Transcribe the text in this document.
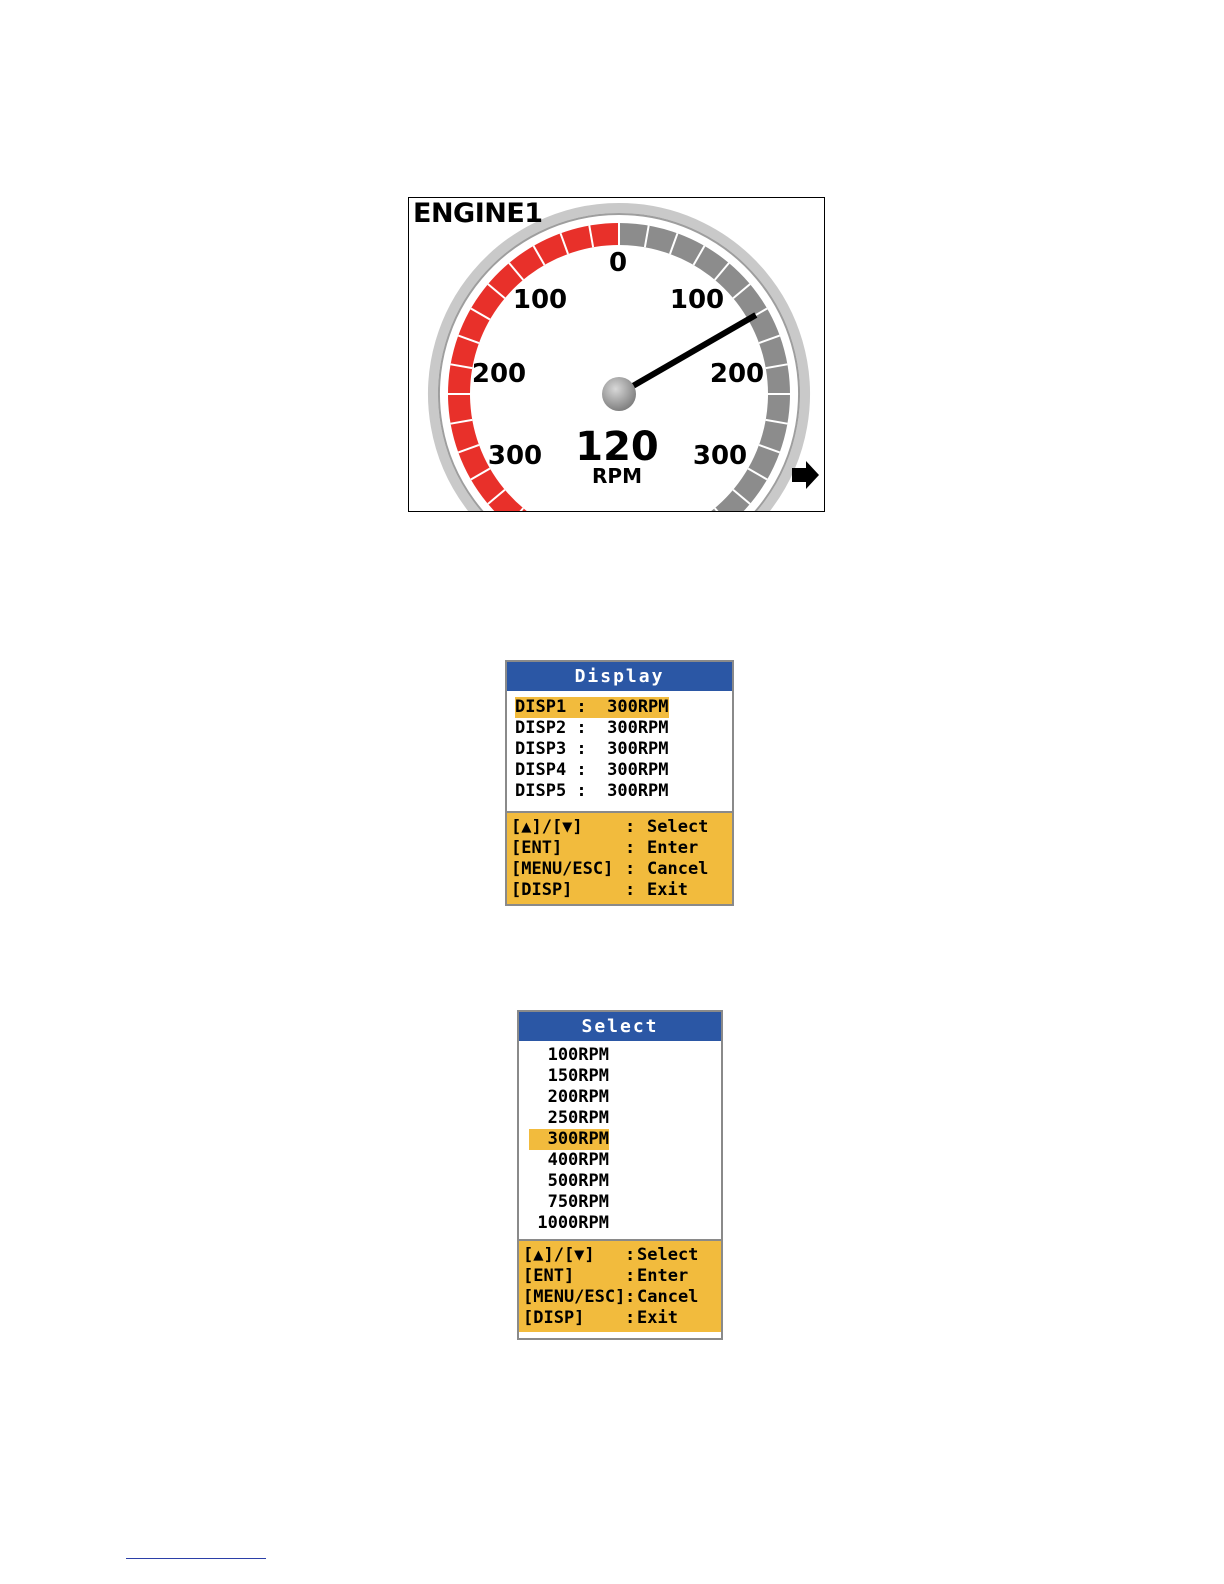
0
100
200
300
100
200
300
120
RPM
ENGINE1
Display
DISP1 :  300RPM
DISP2 :  300RPM
DISP3 :  300RPM
DISP4 :  300RPM
DISP5 :  300RPM
[▲]/[▼]	: Select
[ENT]	: Enter
[MENU/ESC] : Cancel
[DISP]	: Exit
Select
100RPM
150RPM
200RPM
250RPM
300RPM
400RPM
500RPM
750RPM
1000RPM
[▲]/[▼]	: Select
[ENT]	: Enter
[MENU/ESC] : Cancel
[DISP]	: Exit
